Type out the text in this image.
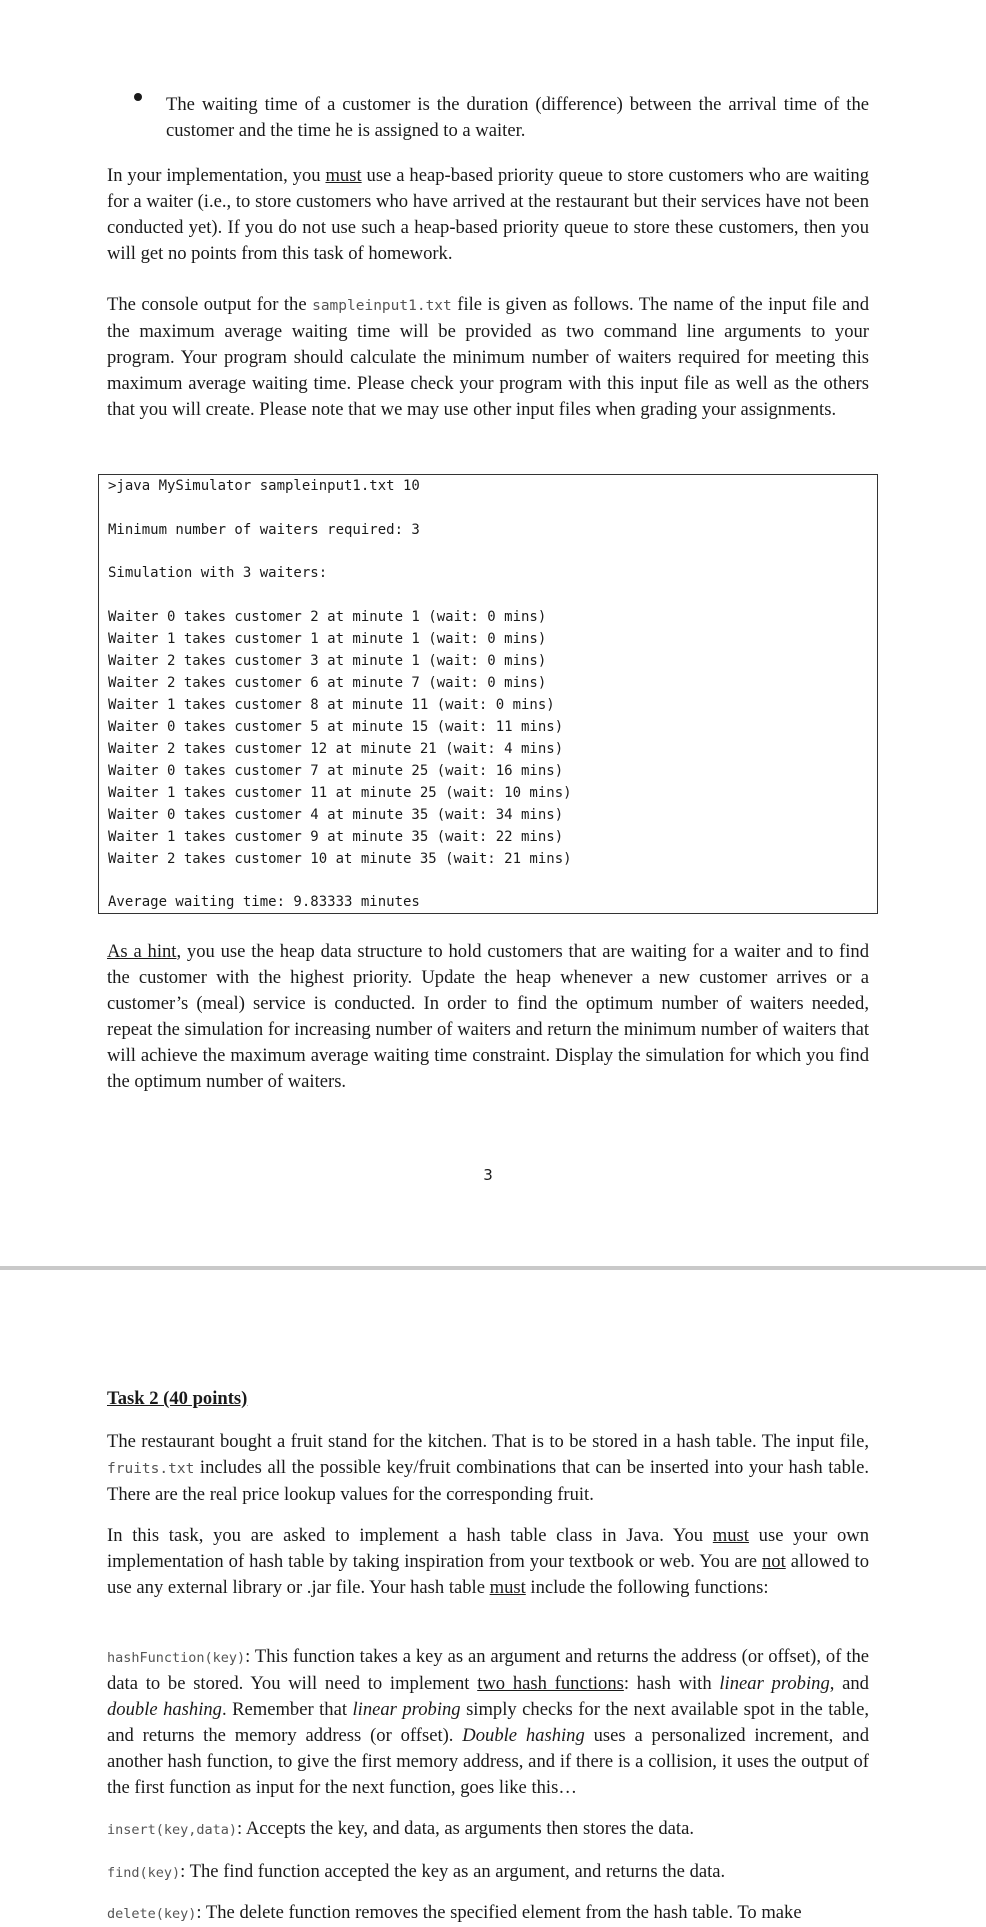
The waiting time of a customer is the duration (difference) between the arrival time of the customer and the time he is assigned to a waiter.

In your implementation, you must use a heap-based priority queue to store customers who are waiting for a waiter (i.e., to store customers who have arrived at the restaurant but their services have not been conducted yet). If you do not use such a heap-based priority queue to store these customers, then you will get no points from this task of homework.

The console output for the sampleinput1.txt file is given as follows. The name of the input file and the maximum average waiting time will be provided as two command line arguments to your program. Your program should calculate the minimum number of waiters required for meeting this maximum average waiting time. Please check your program with this input file as well as the others that you will create. Please note that we may use other input files when grading your assignments.

>java MySimulator sampleinput1.txt 10
Minimum number of waiters required: 3
Simulation with 3 waiters:
Waiter 0 takes customer 2 at minute 1 (wait: 0 mins)
Waiter 1 takes customer 1 at minute 1 (wait: 0 mins)
Waiter 2 takes customer 3 at minute 1 (wait: 0 mins)
Waiter 2 takes customer 6 at minute 7 (wait: 0 mins)
Waiter 1 takes customer 8 at minute 11 (wait: 0 mins)
Waiter 0 takes customer 5 at minute 15 (wait: 11 mins)
Waiter 2 takes customer 12 at minute 21 (wait: 4 mins)
Waiter 0 takes customer 7 at minute 25 (wait: 16 mins)
Waiter 1 takes customer 11 at minute 25 (wait: 10 mins)
Waiter 0 takes customer 4 at minute 35 (wait: 34 mins)
Waiter 1 takes customer 9 at minute 35 (wait: 22 mins)
Waiter 2 takes customer 10 at minute 35 (wait: 21 mins)
Average waiting time: 9.83333 minutes

As a hint, you use the heap data structure to hold customers that are waiting for a waiter and to find the customer with the highest priority. Update the heap whenever a new customer arrives or a customer’s (meal) service is conducted. In order to find the optimum number of waiters needed, repeat the simulation for increasing number of waiters and return the minimum number of waiters that will achieve the maximum average waiting time constraint. Display the simulation for which you find the optimum number of waiters.

3
Task 2 (40 points)

The restaurant bought a fruit stand for the kitchen. That is to be stored in a hash table. The input file, fruits.txt includes all the possible key/fruit combinations that can be inserted into your hash table. There are the real price lookup values for the corresponding fruit.

In this task, you are asked to implement a hash table class in Java. You must use your own implementation of hash table by taking inspiration from your textbook or web. You are not allowed to use any external library or .jar file. Your hash table must include the following functions:

hashFunction(key): This function takes a key as an argument and returns the address (or offset), of the data to be stored. You will need to implement two hash functions: hash with linear probing, and double hashing. Remember that linear probing simply checks for the next available spot in the table, and returns the memory address (or offset). Double hashing uses a personalized increment, and another hash function, to give the first memory address, and if there is a collision, it uses the output of the first function as input for the next function, goes like this…

insert(key,data): Accepts the key, and data, as arguments then stores the data.

find(key): The find function accepted the key as an argument, and returns the data.

delete(key): The delete function removes the specified element from the hash table. To make
